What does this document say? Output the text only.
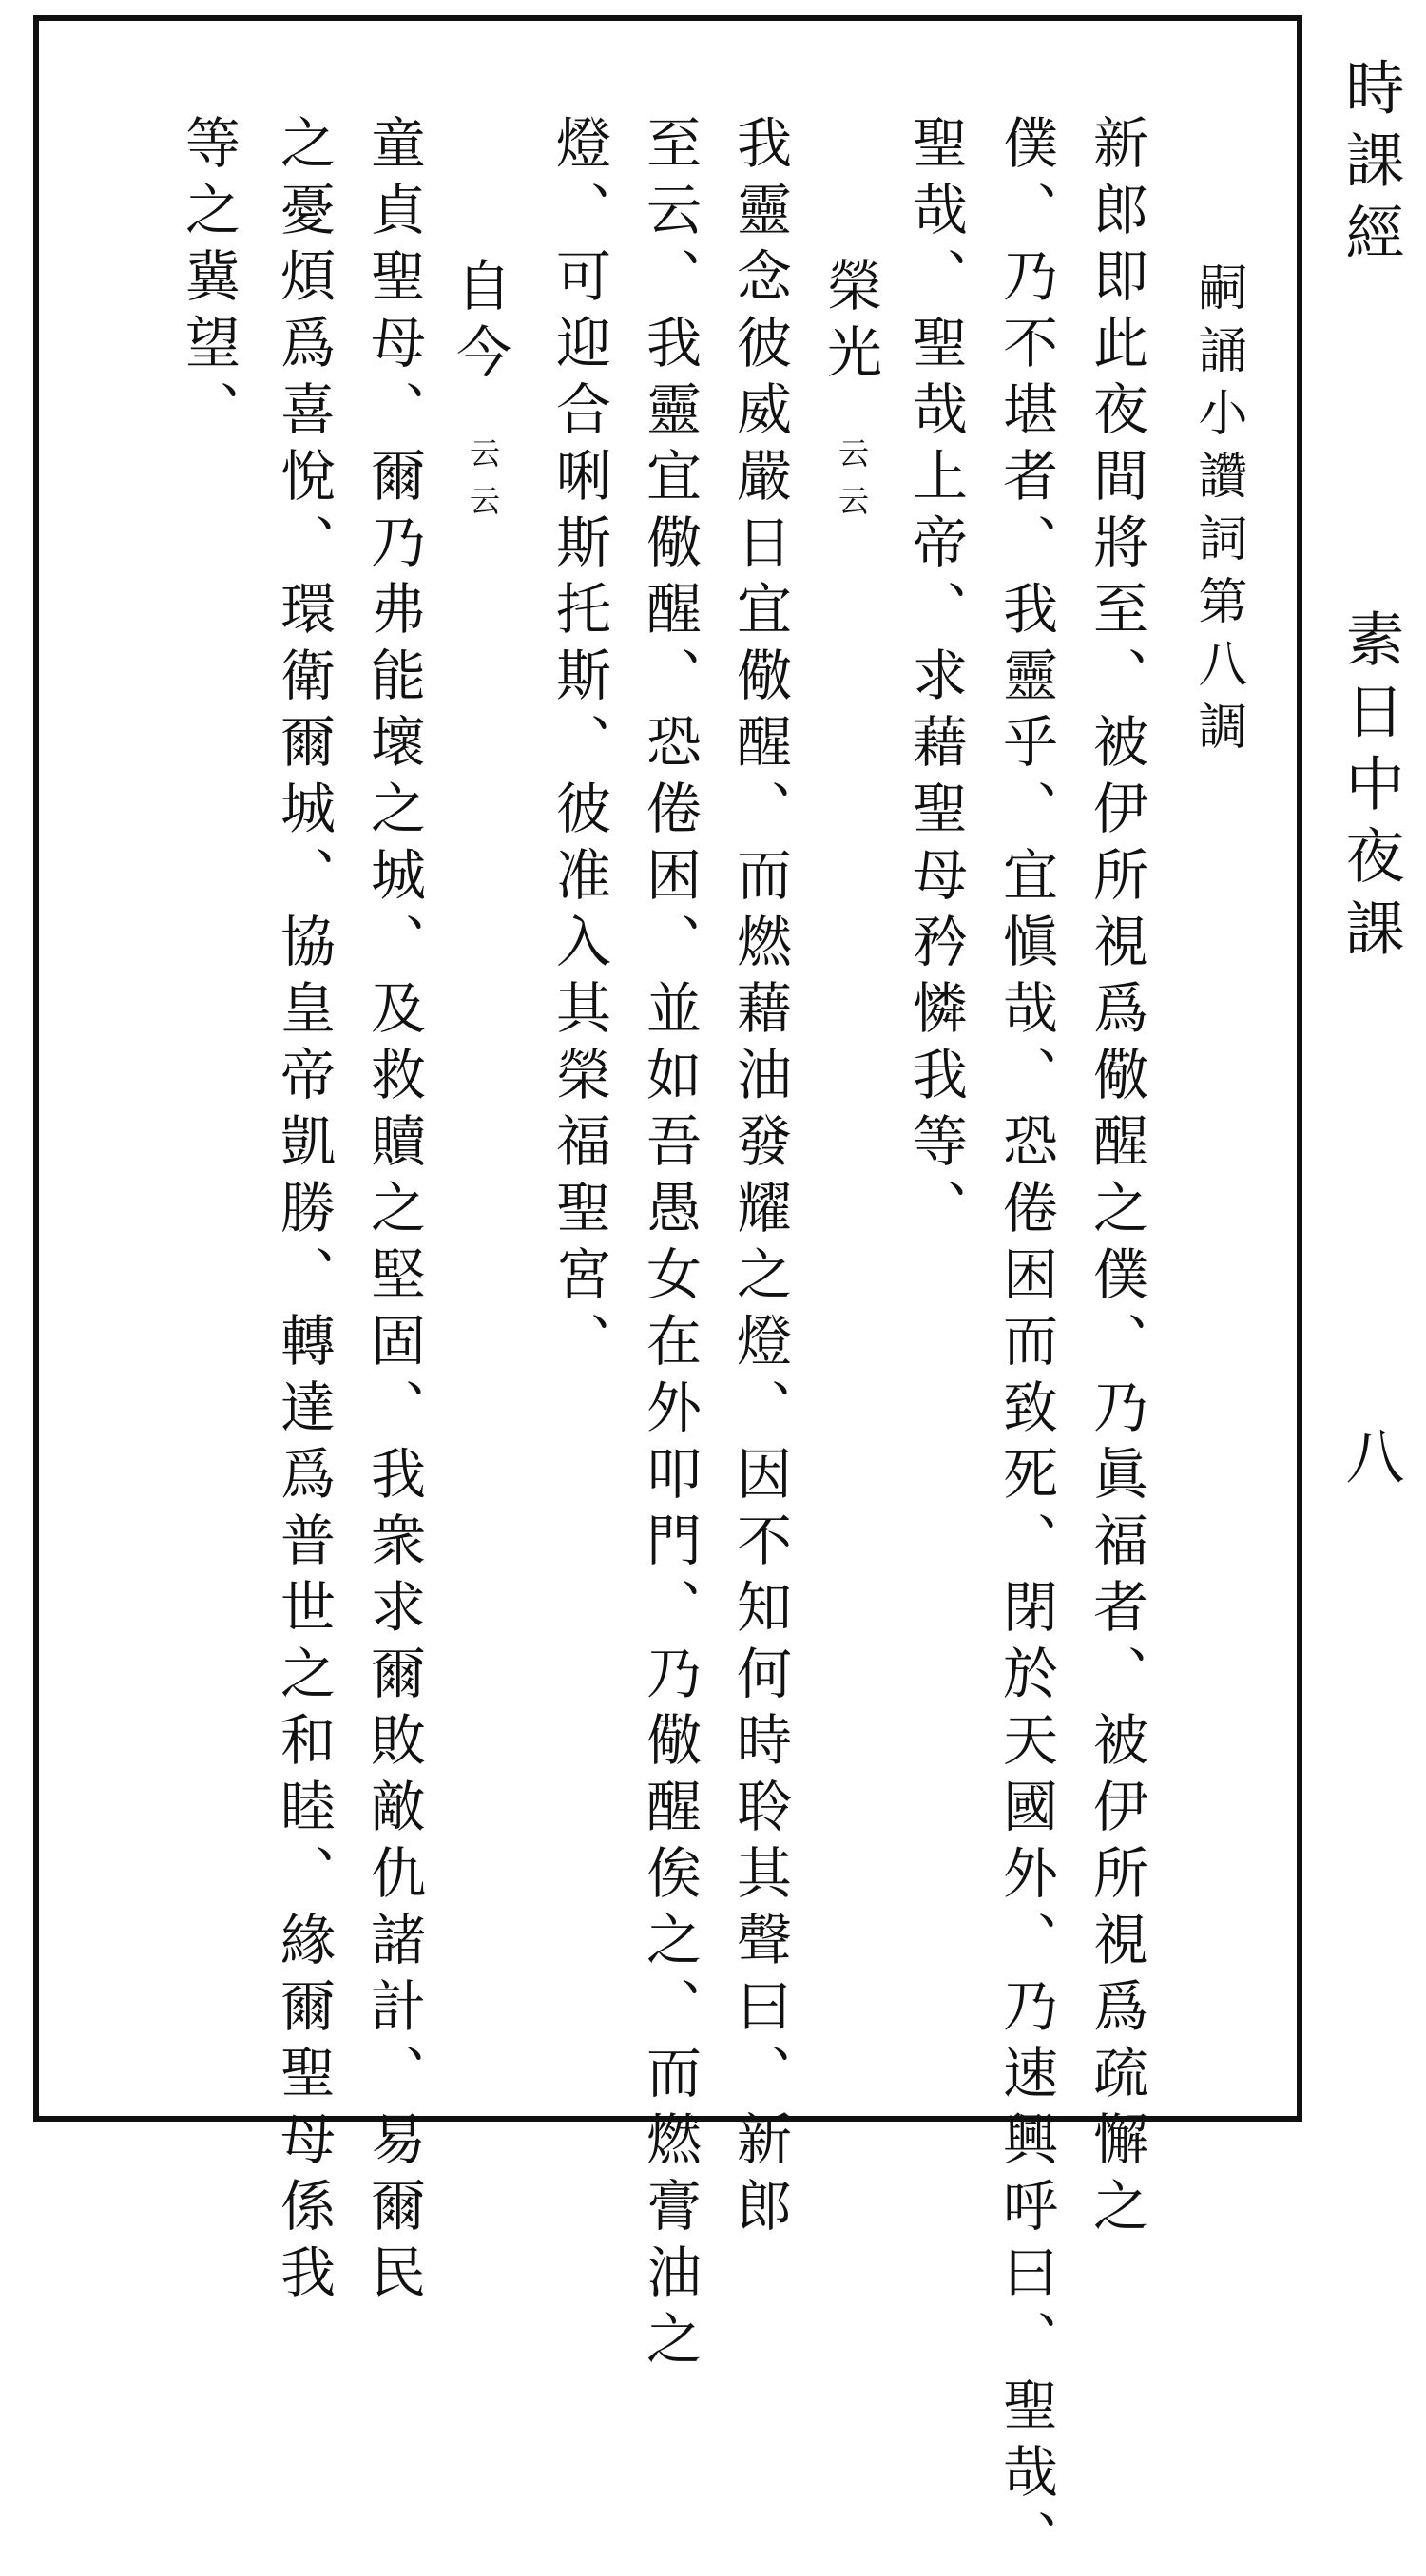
時課經
素日中夜課
八
新郎即此夜間將至、被伊所視爲儆醒之僕、乃眞福者、被伊所視爲疏懈之 嗣誦小讚詞第八調
僕、乃不堪者、我靈乎、宜愼哉、恐倦困而致死、閉於天國外、乃速興呼曰、聖哉、
聖哉、聖哉上帝、求藉聖母矜憐我等、
榮光
云云
我靈念彼威嚴日宜儆醒、而燃藉油發耀之燈、因不知何時聆其聲曰、新郎
至云、我靈宜儆醒、恐倦困、並如吾愚女在外叩門、乃儆醒俟之、而燃膏油之
燈、可迎合唎斯托斯、彼准入其榮福聖宮、
自今
云云
童貞聖母、爾乃弗能壞之城、及救贖之堅固、我衆求爾敗敵仇諸計、易爾民
之憂煩爲喜悅、環衛爾城、協皇帝凱勝、轉達爲普世之和睦、緣爾聖母係我
等之冀望、
